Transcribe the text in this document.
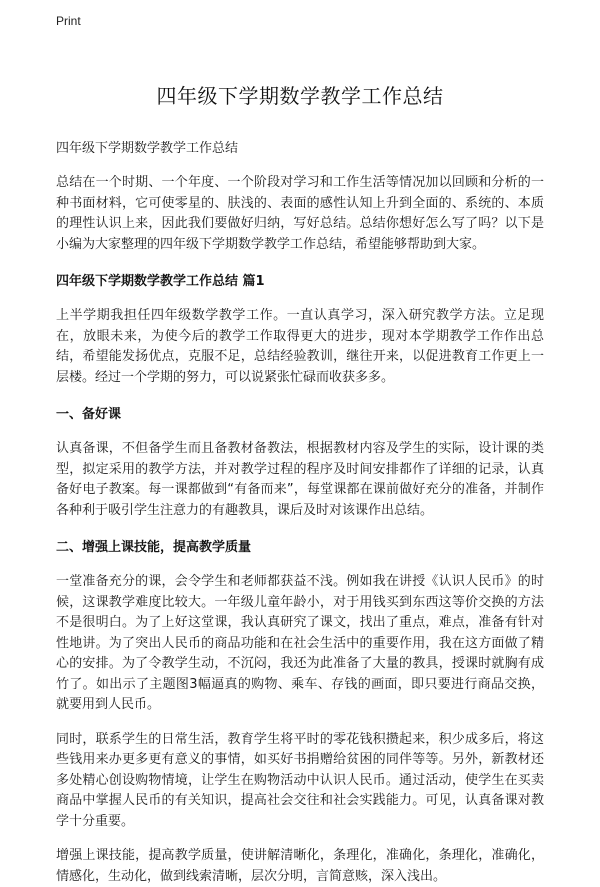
Print
四年级下学期数学教学工作总结
四年级下学期数学教学工作总结

总结在一个时期、一个年度、一个阶段对学习和工作生活等情况加以回顾和分析的一种书面材料，它可使零星的、肤浅的、表面的感性认知上升到全面的、系统的、本质的理性认识上来，因此我们要做好归纳，写好总结。总结你想好怎么写了吗？以下是小编为大家整理的四年级下学期数学教学工作总结，希望能够帮助到大家。

四年级下学期数学教学工作总结 篇1

上半学期我担任四年级数学教学工作。一直认真学习，深入研究教学方法。立足现在，放眼未来，为使今后的教学工作取得更大的进步，现对本学期教学工作作出总结，希望能发扬优点，克服不足，总结经验教训，继往开来，以促进教育工作更上一层楼。经过一个学期的努力，可以说紧张忙碌而收获多多。

一、备好课

认真备课，不但备学生而且备教材备教法，根据教材内容及学生的实际，设计课的类型，拟定采用的教学方法，并对教学过程的程序及时间安排都作了详细的记录，认真备好电子教案。每一课都做到“有备而来”，每堂课都在课前做好充分的准备，并制作各种利于吸引学生注意力的有趣教具，课后及时对该课作出总结。

二、增强上课技能，提高教学质量

一堂准备充分的课，会令学生和老师都获益不浅。例如我在讲授《认识人民币》的时候，这课教学难度比较大。一年级儿童年龄小，对于用钱买到东西这等价交换的方法不是很明白。为了上好这堂课，我认真研究了课文，找出了重点，难点，准备有针对性地讲。为了突出人民币的商品功能和在社会生活中的重要作用，我在这方面做了精心的安排。为了令教学生动，不沉闷，我还为此准备了大量的教具，授课时就胸有成竹了。如出示了主题图3幅逼真的购物、乘车、存钱的画面，即只要进行商品交换，就要用到人民币。

同时，联系学生的日常生活，教育学生将平时的零花钱积攒起来，积少成多后，将这些钱用来办更多更有意义的事情，如买好书捐赠给贫困的同伴等等。另外，新教材还多处精心创设购物情境，让学生在购物活动中认识人民币。通过活动，使学生在买卖商品中掌握人民币的有关知识，提高社会交往和社会实践能力。可见，认真备课对教学十分重要。

增强上课技能，提高教学质量，使讲解清晰化，条理化，准确化，条理化，准确化，情感化，生动化，做到线索清晰，层次分明，言简意赅，深入浅出。
